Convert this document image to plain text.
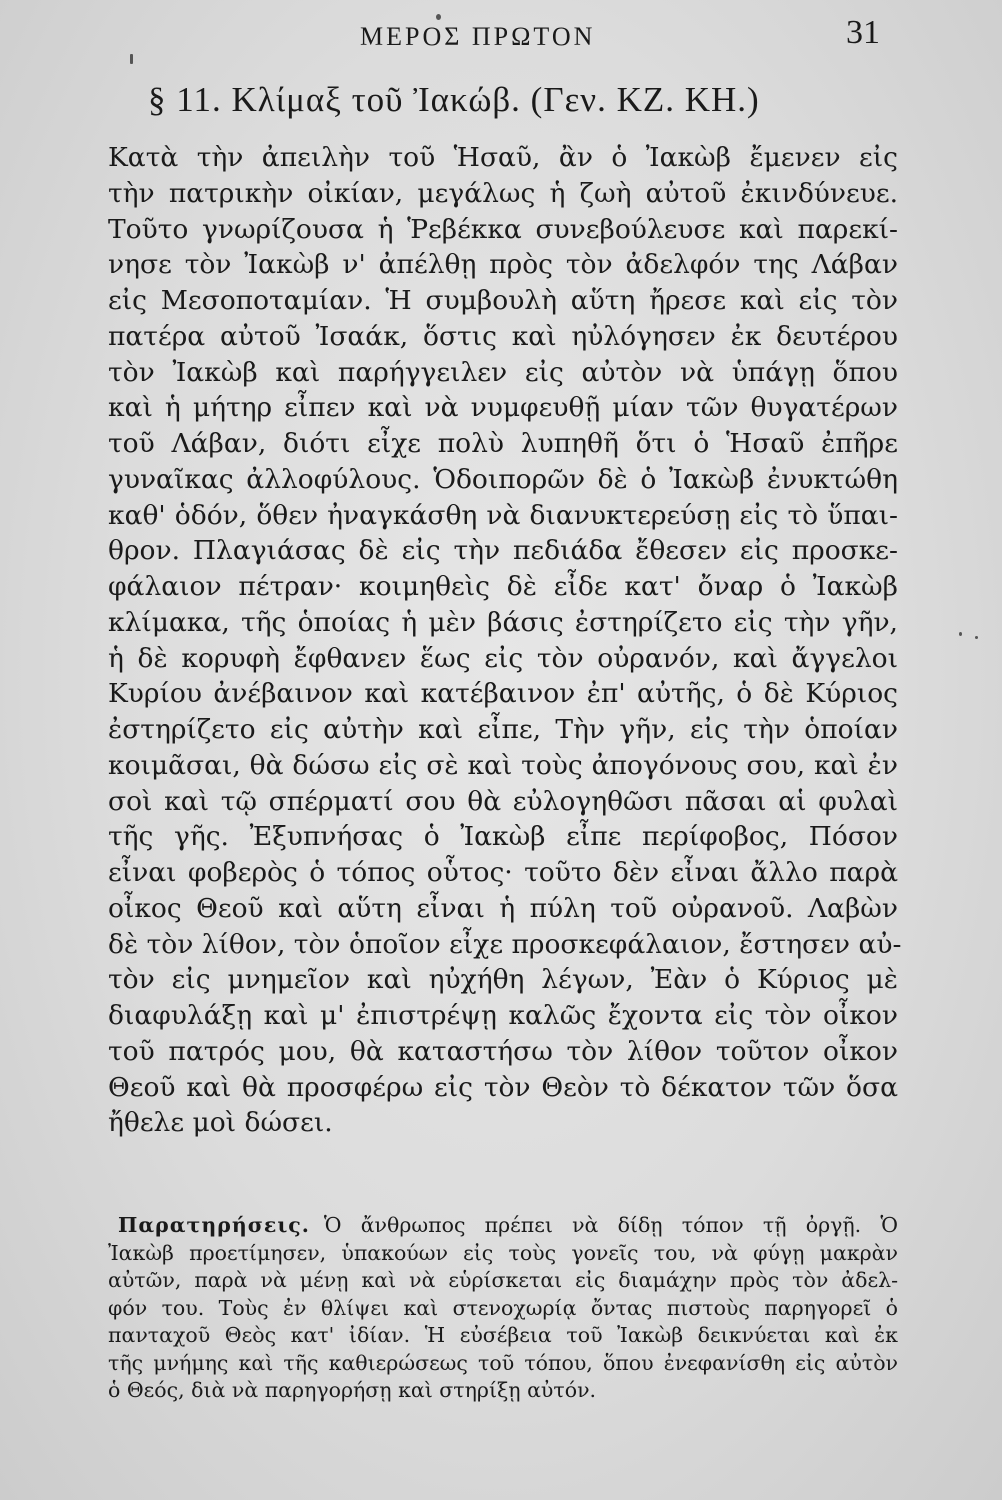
ΜΕΡΟΣ ΠΡΩΤΟΝ	31
§ 11. Κλίμαξ τοῦ Ἰακώβ. (Γεν. ΚΖ. ΚΗ.)
Κατὰ τὴν ἀπειλὴν τοῦ Ἡσαῦ, ἂν ὁ Ἰακὼβ ἔμενεν εἰς
τὴν πατρικὴν οἰκίαν, μεγάλως ἡ ζωὴ αὐτοῦ ἐκινδύνευε.
Τοῦτο γνωρίζουσα ἡ Ῥεβέκκα συνεβούλευσε καὶ παρεκί-
νησε τὸν Ἰακὼβ ν' ἀπέλθῃ πρὸς τὸν ἀδελφόν της Λάβαν
εἰς Μεσοποταμίαν. Ἡ συμβουλὴ αὕτη ἤρεσε καὶ εἰς τὸν
πατέρα αὐτοῦ Ἰσαάκ, ὅστις καὶ ηὐλόγησεν ἐκ δευτέρου
τὸν Ἰακὼβ καὶ παρήγγειλεν εἰς αὐτὸν νὰ ὑπάγῃ ὅπου
καὶ ἡ μήτηρ εἶπεν καὶ νὰ νυμφευθῇ μίαν τῶν θυγατέρων
τοῦ Λάβαν, διότι εἶχε πολὺ λυπηθῆ ὅτι ὁ Ἡσαῦ ἐπῆρε
γυναῖκας ἀλλοφύλους. Ὁδοιπορῶν δὲ ὁ Ἰακὼβ ἐνυκτώθη
καθ' ὁδόν, ὅθεν ἠναγκάσθη νὰ διανυκτερεύσῃ εἰς τὸ ὕπαι-
θρον. Πλαγιάσας δὲ εἰς τὴν πεδιάδα ἔθεσεν εἰς προσκε-
φάλαιον πέτραν· κοιμηθεὶς δὲ εἶδε κατ' ὄναρ ὁ Ἰακὼβ
κλίμακα, τῆς ὁποίας ἡ μὲν βάσις ἐστηρίζετο εἰς τὴν γῆν,
ἡ δὲ κορυφὴ ἔφθανεν ἕως εἰς τὸν οὐρανόν, καὶ ἄγγελοι
Κυρίου ἀνέβαινον καὶ κατέβαινον ἐπ' αὐτῆς, ὁ δὲ Κύριος
ἐστηρίζετο εἰς αὐτὴν καὶ εἶπε, Τὴν γῆν, εἰς τὴν ὁποίαν
κοιμᾶσαι, θὰ δώσω εἰς σὲ καὶ τοὺς ἀπογόνους σου, καὶ ἐν
σοὶ καὶ τῷ σπέρματί σου θὰ εὐλογηθῶσι πᾶσαι αἱ φυλαὶ
τῆς γῆς. Ἐξυπνήσας ὁ Ἰακὼβ εἶπε περίφοβος, Πόσον
εἶναι φοβερὸς ὁ τόπος οὗτος· τοῦτο δὲν εἶναι ἄλλο παρὰ
οἶκος Θεοῦ καὶ αὕτη εἶναι ἡ πύλη τοῦ οὐρανοῦ. Λαβὼν
δὲ τὸν λίθον, τὸν ὁποῖον εἶχε προσκεφάλαιον, ἔστησεν αὐ-
τὸν εἰς μνημεῖον καὶ ηὐχήθη λέγων, Ἐὰν ὁ Κύριος μὲ
διαφυλάξῃ καὶ μ' ἐπιστρέψῃ καλῶς ἔχοντα εἰς τὸν οἶκον
τοῦ πατρός μου, θὰ καταστήσω τὸν λίθον τοῦτον οἶκον
Θεοῦ καὶ θὰ προσφέρω εἰς τὸν Θεὸν τὸ δέκατον τῶν ὅσα
ἤθελε μοὶ δώσει.
Παρατηρήσεις. Ὁ ἄνθρωπος πρέπει νὰ δίδῃ τόπον τῇ ὀργῇ. Ὁ
Ἰακὼβ προετίμησεν, ὑπακούων εἰς τοὺς γονεῖς του, νὰ φύγῃ μακρὰν
αὐτῶν, παρὰ νὰ μένῃ καὶ νὰ εὑρίσκεται εἰς διαμάχην πρὸς τὸν ἀδελ-
φόν του. Τοὺς ἐν θλίψει καὶ στενοχωρίᾳ ὄντας πιστοὺς παρηγορεῖ ὁ
πανταχοῦ Θεὸς κατ' ἰδίαν. Ἡ εὐσέβεια τοῦ Ἰακὼβ δεικνύεται καὶ ἐκ
τῆς μνήμης καὶ τῆς καθιερώσεως τοῦ τόπου, ὅπου ἐνεφανίσθη εἰς αὐτὸν
ὁ Θεός, διὰ νὰ παρηγορήσῃ καὶ στηρίξῃ αὐτόν.
